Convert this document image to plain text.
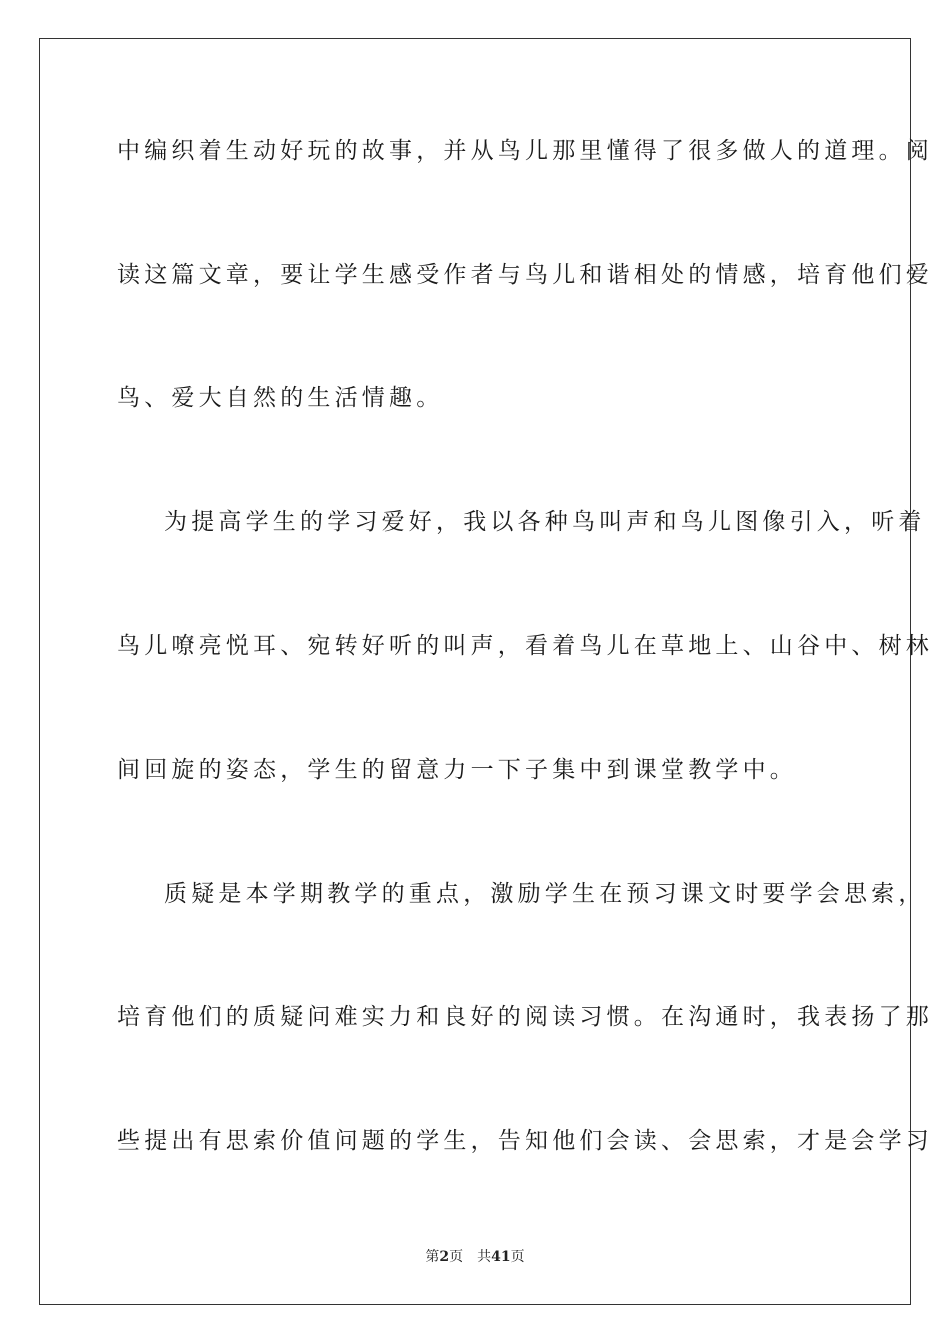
中编织着生动好玩的故事，并从鸟儿那里懂得了很多做人的道理。阅
读这篇文章，要让学生感受作者与鸟儿和谐相处的情感，培育他们爱
鸟、爱大自然的生活情趣。
为提高学生的学习爱好，我以各种鸟叫声和鸟儿图像引入，听着
鸟儿嘹亮悦耳、宛转好听的叫声，看着鸟儿在草地上、山谷中、树林
间回旋的姿态，学生的留意力一下子集中到课堂教学中。
质疑是本学期教学的重点，激励学生在预习课文时要学会思索，
培育他们的质疑问难实力和良好的阅读习惯。在沟通时，我表扬了那
些提出有思索价值问题的学生，告知他们会读、会思索，才是会学习
第2页 共41页
